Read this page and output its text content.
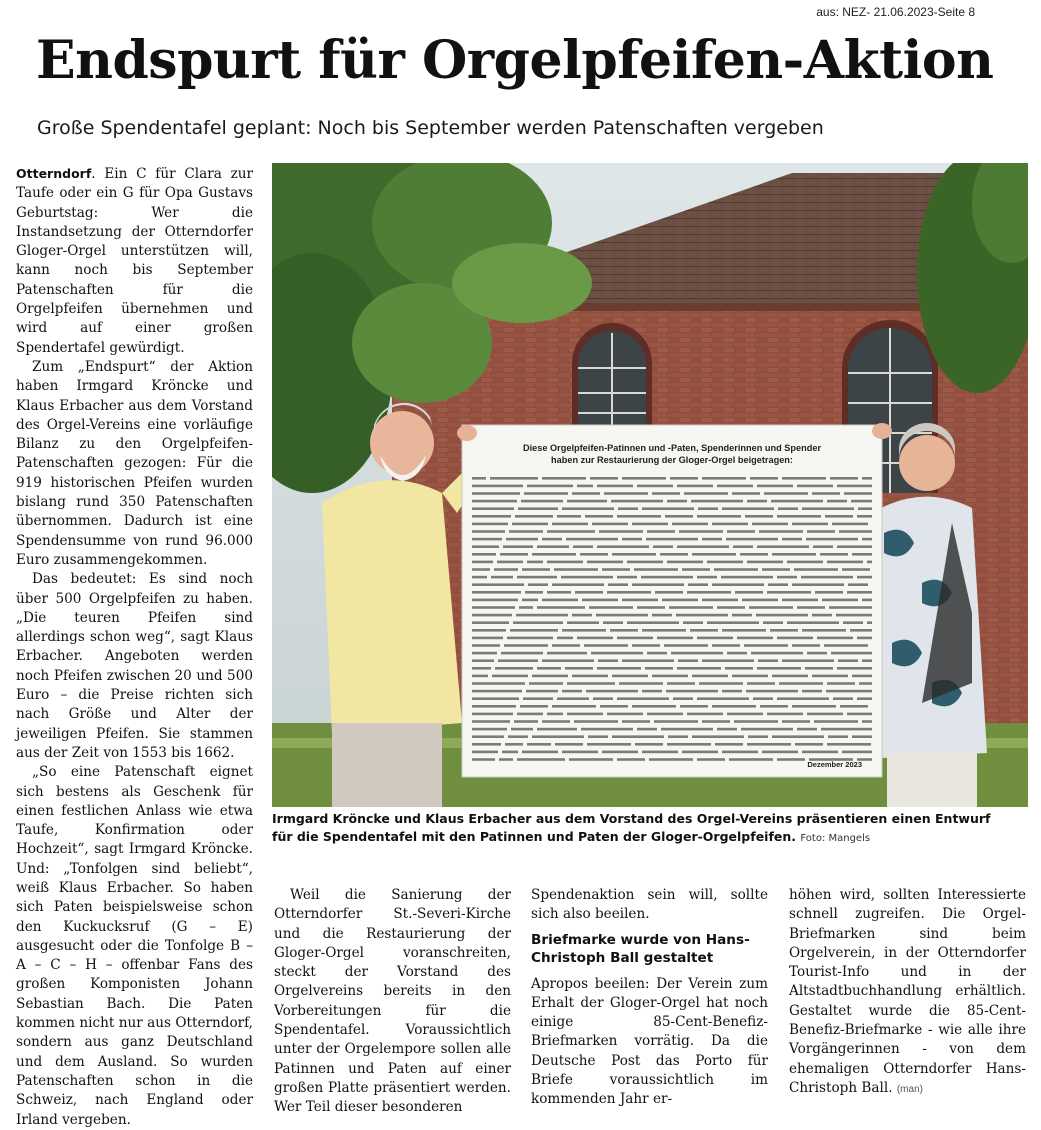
aus: NEZ- 21.06.2023-Seite 8
Endspurt für Orgelpfeifen-Aktion
Große Spendentafel geplant: Noch bis September werden Patenschaften vergeben

Otterndorf. Ein C für Clara zur Taufe oder ein G für Opa Gustavs Geburtstag: Wer die Instandsetzung der Otterndorfer Gloger-Orgel unterstützen will, kann noch bis September Patenschaften für die Orgelpfeifen übernehmen und wird auf einer großen Spendertafel gewürdigt.

Zum „Endspurt“ der Aktion haben Irmgard Kröncke und Klaus Erbacher aus dem Vorstand des Orgel-Vereins eine vorläufige Bilanz zu den Orgelpfeifen-Patenschaften gezogen: Für die 919 historischen Pfeifen wurden bislang rund 350 Patenschaften übernommen. Dadurch ist eine Spendensumme von rund 96.000 Euro zusammengekommen.

Das bedeutet: Es sind noch über 500 Orgelpfeifen zu haben. „Die teuren Pfeifen sind allerdings schon weg“, sagt Klaus Erbacher. Angeboten werden noch Pfeifen zwischen 20 und 500 Euro – die Preise richten sich nach Größe und Alter der jeweiligen Pfeifen. Sie stammen aus der Zeit von 1553 bis 1662.

„So eine Patenschaft eignet sich bestens als Geschenk für einen festlichen Anlass wie etwa Taufe, Konfirmation oder Hochzeit“, sagt Irmgard Kröncke. Und: „Tonfolgen sind beliebt“, weiß Klaus Erbacher. So haben sich Paten beispielsweise schon den Kuckucksruf (G – E) ausgesucht oder die Tonfolge B – A – C – H – offenbar Fans des großen Komponisten Johann Sebastian Bach. Die Paten kommen nicht nur aus Otterndorf, sondern aus ganz Deutschland und dem Ausland. So wurden Patenschaften schon in die Schweiz, nach England oder Irland vergeben.

Diese Orgelpfeifen-Patinnen und -Paten, Spenderinnen und Spender
haben zur Restaurierung der Gloger-Orgel beigetragen:
Dezember 2023
Irmgard Kröncke und Klaus Erbacher aus dem Vorstand des Orgel-Vereins präsentieren einen Entwurf für die Spendentafel mit den Patinnen und Paten der Gloger-Orgelpfeifen. Foto: Mangels

Weil die Sanierung der Otterndorfer St.-Severi-Kirche und die Restaurierung der Gloger-Orgel voranschreiten, steckt der Vorstand des Orgelvereins bereits in den Vorbereitungen für die Spendentafel. Voraussichtlich unter der Orgelempore sollen alle Patinnen und Paten auf einer großen Platte präsentiert werden. Wer Teil dieser besonderen

Spendenaktion sein will, sollte sich also beeilen.

Briefmarke wurde von Hans-Christoph Ball gestaltet

Apropos beeilen: Der Verein zum Erhalt der Gloger-Orgel hat noch einige 85-Cent-Benefiz-Briefmarken vorrätig. Da die Deutsche Post das Porto für Briefe voraussichtlich im kommenden Jahr er-

höhen wird, sollten Interessierte schnell zugreifen. Die Orgel-Briefmarken sind beim Orgelverein, in der Otterndorfer Tourist-Info und in der Altstadtbuchhandlung erhältlich. Gestaltet wurde die 85-Cent-Benefiz-Briefmarke - wie alle ihre Vorgängerinnen - von dem ehemaligen Otterndorfer Hans-Christoph Ball. (man)
